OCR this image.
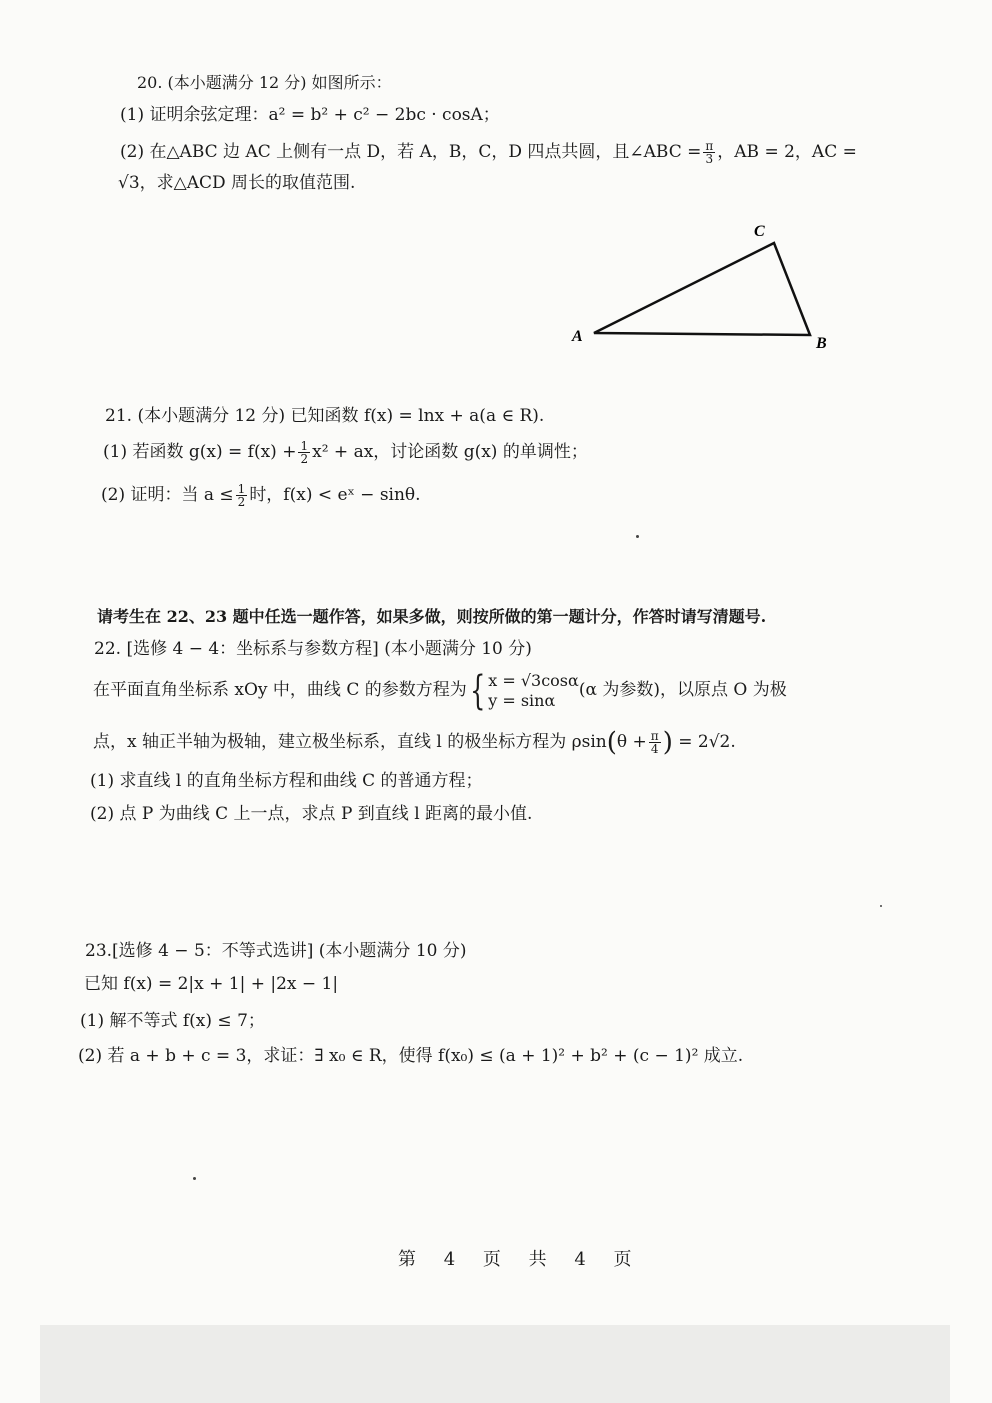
20. (本小题满分 12 分) 如图所示：
(1) 证明余弦定理：a² = b² + c² − 2bc · cosA；
(2) 在△ABC 边 AC 上侧有一点 D，若 A，B，C，D 四点共圆，且∠ABC = $\frac{\pi}{3}$ ，AB = 2，AC =
√3，求△ACD 周长的取值范围.
A	B
C
21. (本小题满分 12 分) 已知函数 f(x) = lnx + a(a ∈ R).
(1) 若函数 $g(x) = f(x) + \frac{1}{2} x^2$ + ax，讨论函数 g(x) 的单调性；
(2) 证明：当 $a \le \frac{1}{2}$ 时，f(x) < eˣ − sinθ.
请考生在 22、23 题中任选一题作答，如果多做，则按所做的第一题计分，作答时请写清题号.
22. [选修 4 − 4：坐标系与参数方程] (本小题满分 10 分)
在平面直角坐标系 xOy 中，曲线 C 的参数方程为{ x = √3cosα
y = sinα	(α 为参数)，以原点 O 为极
点，x 轴正半轴为极轴，建立极坐标系，直线 l 的极坐标方程为 $\rho\sin(\theta + \frac{\pi}{4}$ ) = 2√2.
(1) 求直线 l 的直角坐标方程和曲线 C 的普通方程；
(2) 点 P 为曲线 C 上一点，求点 P 到直线 l 距离的最小值.
23.[选修 4 − 5：不等式选讲] (本小题满分 10 分)
已知 f(x) = 2|x + 1| + |2x − 1|
(1) 解不等式 f(x) ≤ 7；
(2) 若 a + b + c = 3，求证：∃ x₀ ∈ R，使得 f(x₀) ≤ (a + 1)² + b² + (c − 1)² 成立.
第 4 页 共 4 页
